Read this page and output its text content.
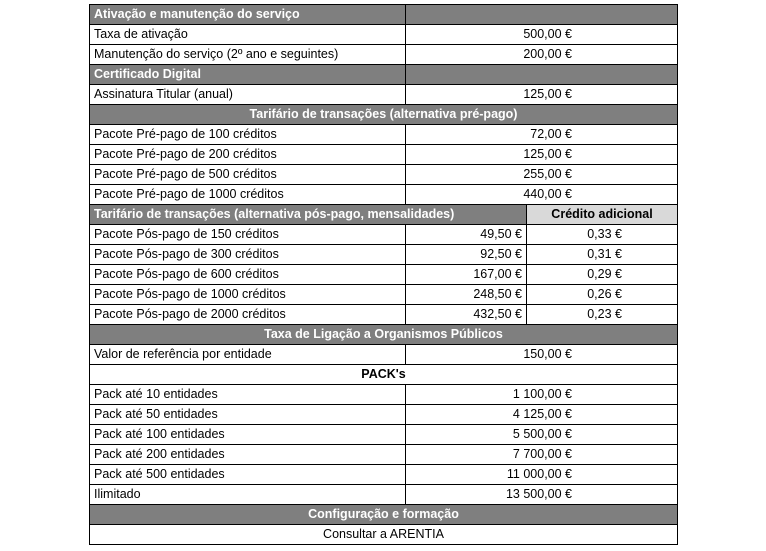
Ativação e manutenção do serviço		
Taxa de ativação	500,00 €	
Manutenção do serviço (2º ano e seguintes)	200,00 €	
Certificado Digital		
Assinatura Titular (anual)	125,00 €	
Tarifário de transações (alternativa pré-pago)		
Pacote Pré-pago de 100 créditos	72,00 €	
Pacote Pré-pago de 200 créditos	125,00 €	
Pacote Pré-pago de 500 créditos	255,00 €	
Pacote Pré-pago de 1000 créditos	440,00 €	
Tarifário de transações (alternativa pós-pago, mensalidades)		Crédito adicional
Pacote Pós-pago de 150 créditos	49,50 €	0,33 €
Pacote Pós-pago de 300 créditos	92,50 €	0,31 €
Pacote Pós-pago de 600 créditos	167,00 €	0,29 €
Pacote Pós-pago de 1000 créditos	248,50 €	0,26 €
Pacote Pós-pago de 2000 créditos	432,50 €	0,23 €
Taxa de Ligação a Organismos Públicos		
Valor de referência por entidade	150,00 €	
PACK's		
Pack até 10 entidades	1 100,00 €	
Pack até 50 entidades	4 125,00 €	
Pack até 100 entidades	5 500,00 €	
Pack até 200 entidades	7 700,00 €	
Pack até 500 entidades	11 000,00 €	
Ilimitado	13 500,00 €	
Configuração e formação		
Consultar a ARENTIA		
